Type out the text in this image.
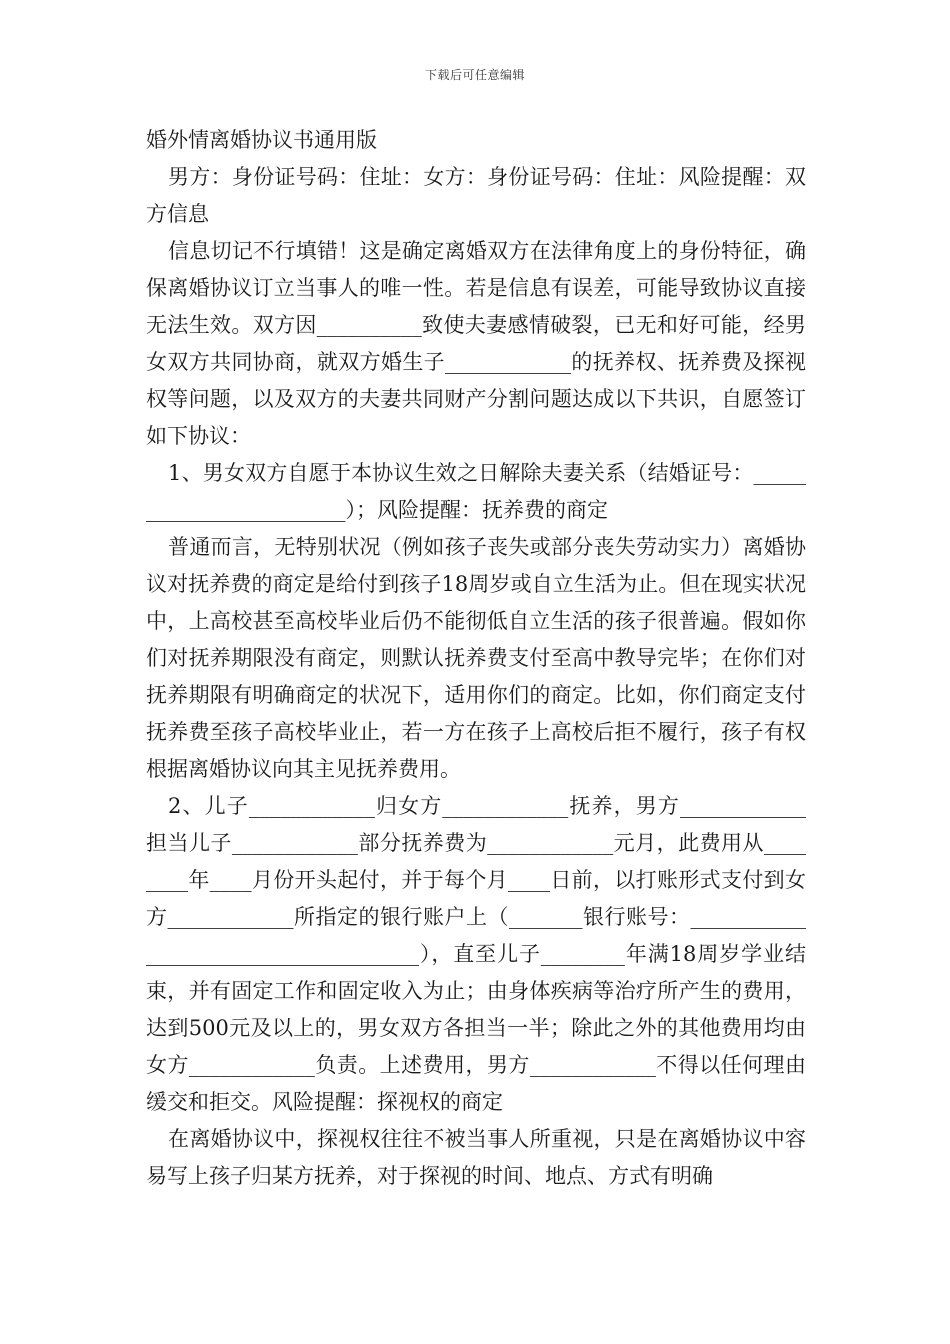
下载后可任意编辑
婚外情离婚协议书通用版

男方：身份证号码：住址：女方：身份证号码：住址：风险提醒：双方信息

信息切记不行填错！这是确定离婚双方在法律角度上的身份特征，确保离婚协议订立当事人的唯一性。若是信息有误差，可能导致协议直接无法生效。双方因__________致使夫妻感情破裂，已无和好可能，经男女双方共同协商，就双方婚生子____________的抚养权、抚养费及探视权等问题，以及双方的夫妻共同财产分割问题达成以下共识，自愿签订如下协议：

1、男女双方自愿于本协议生效之日解除夫妻关系（结婚证号：________________________）；风险提醒：抚养费的商定

普通而言，无特别状况（例如孩子丧失或部分丧失劳动实力）离婚协议对抚养费的商定是给付到孩子18周岁或自立生活为止。但在现实状况中，上高校甚至高校毕业后仍不能彻低自立生活的孩子很普遍。假如你们对抚养期限没有商定，则默认抚养费支付至高中教导完毕；在你们对抚养期限有明确商定的状况下，适用你们的商定。比如，你们商定支付抚养费至孩子高校毕业止，若一方在孩子上高校后拒不履行，孩子有权根据离婚协议向其主见抚养费用。

2、儿子____________归女方____________抚养，男方____________担当儿子____________部分抚养费为____________元月，此费用从________年____月份开头起付，并于每个月____日前，以打账形式支付到女方____________所指定的银行账户上（_______银行账号：_____________________________________），直至儿子________年满18周岁学业结束，并有固定工作和固定收入为止；由身体疾病等治疗所产生的费用，达到500元及以上的，男女双方各担当一半；除此之外的其他费用均由女方____________负责。上述费用，男方____________不得以任何理由缓交和拒交。风险提醒：探视权的商定

在离婚协议中，探视权往往不被当事人所重视，只是在离婚协议中容易写上孩子归某方抚养，对于探视的时间、地点、方式有明确
